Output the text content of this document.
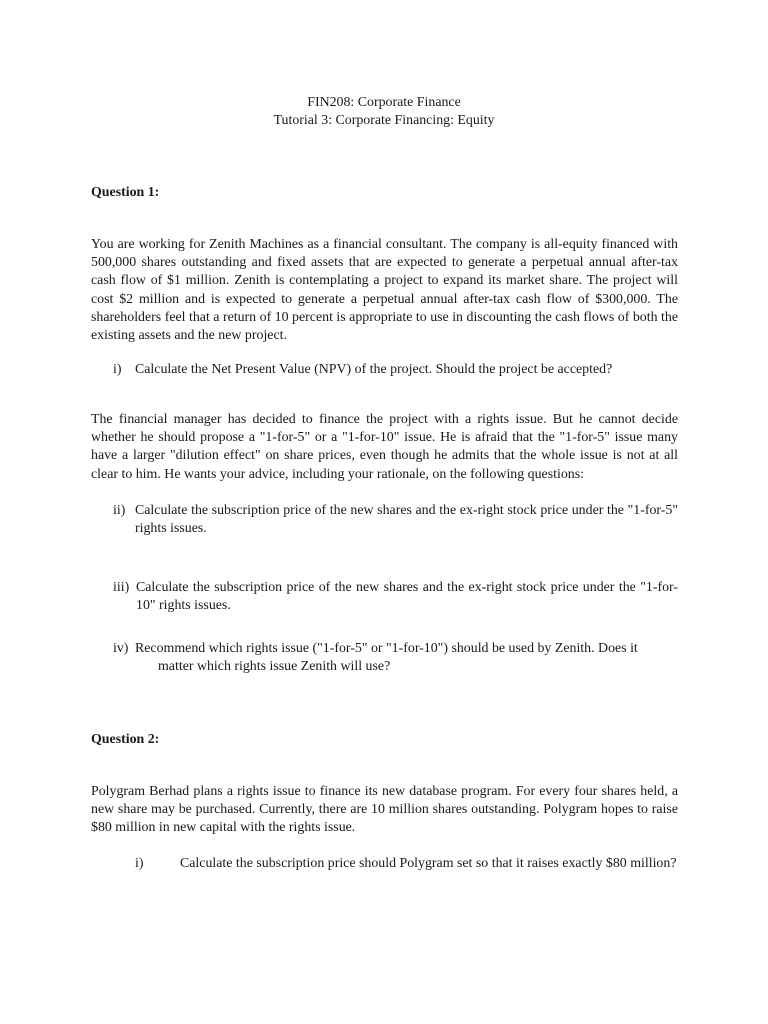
FIN208: Corporate Finance
Tutorial 3: Corporate Financing: Equity
Question 1:
You are working for Zenith Machines as a financial consultant. The company is all-equity financed with 500,000 shares outstanding and fixed assets that are expected to generate a perpetual annual after-tax cash flow of $1 million. Zenith is contemplating a project to expand its market share. The project will cost $2 million and is expected to generate a perpetual annual after-tax cash flow of $300,000. The shareholders feel that a return of 10 percent is appropriate to use in discounting the cash flows of both the existing assets and the new project.
i) Calculate the Net Present Value (NPV) of the project. Should the project be accepted?
The financial manager has decided to finance the project with a rights issue. But he cannot decide whether he should propose a "1-for-5" or a "1-for-10" issue. He is afraid that the "1-for-5" issue many have a larger "dilution effect" on share prices, even though he admits that the whole issue is not at all clear to him. He wants your advice, including your rationale, on the following questions:
ii) Calculate the subscription price of the new shares and the ex-right stock price under the "1-for-5" rights issues.
iii) Calculate the subscription price of the new shares and the ex-right stock price under the "1-for-10" rights issues.
iv) Recommend which rights issue ("1-for-5" or "1-for-10") should be used by Zenith. Does it
matter which rights issue Zenith will use?
Question 2:
Polygram Berhad plans a rights issue to finance its new database program. For every four shares held, a new share may be purchased. Currently, there are 10 million shares outstanding. Polygram hopes to raise $80 million in new capital with the rights issue.
i)	Calculate the subscription price should Polygram set so that it raises exactly $80 million?
